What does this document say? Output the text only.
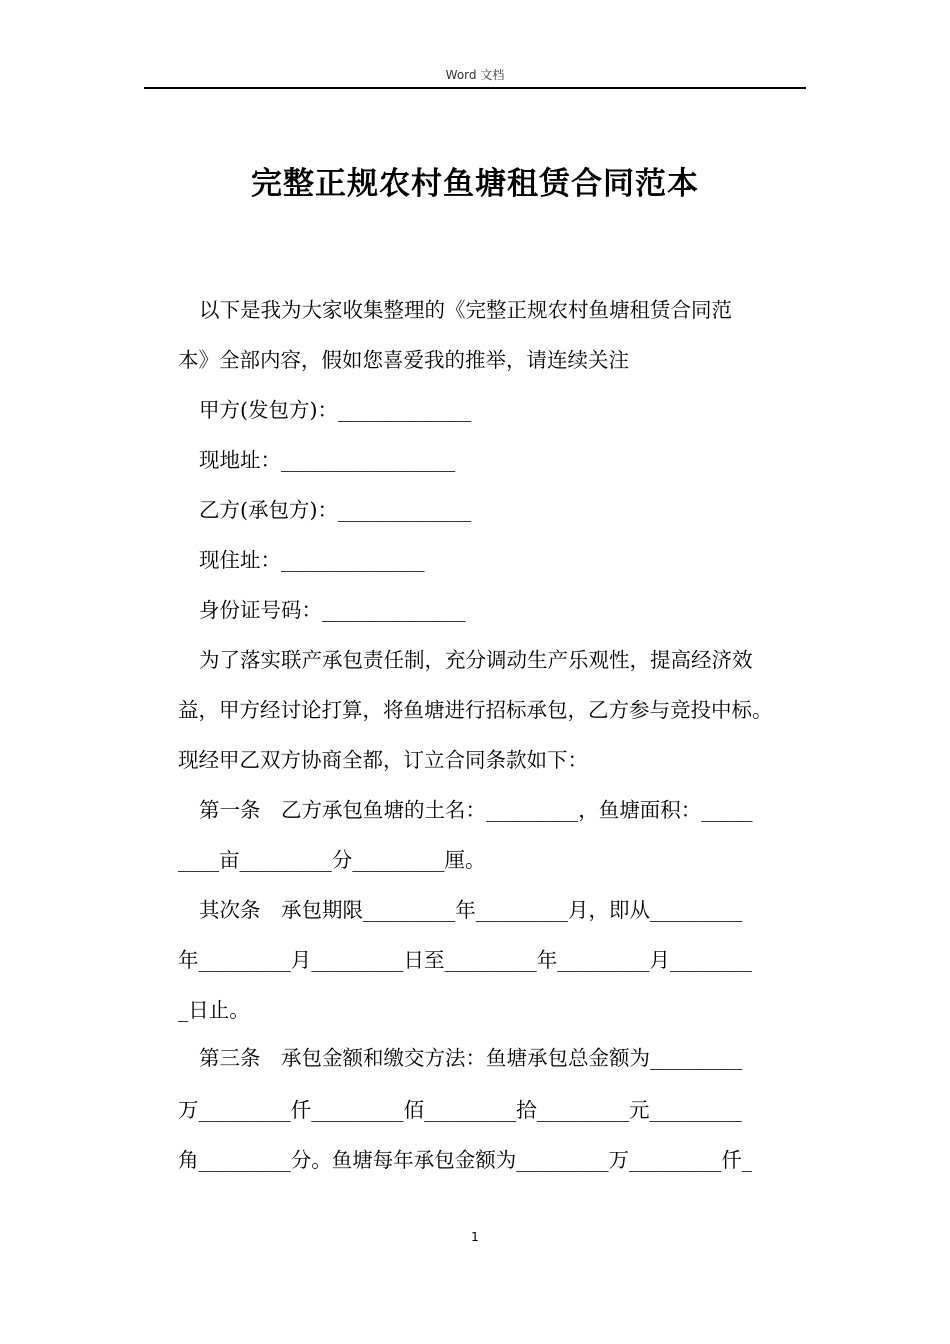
Word 文档
完整正规农村鱼塘租赁合同范本
以下是我为大家收集整理的《完整正规农村鱼塘租赁合同范
本》全部内容，假如您喜爱我的推举，请连续关注
甲方(发包方)：_____________
现地址：_________________
乙方(承包方)：_____________
现住址：______________
身份证号码：______________
为了落实联产承包责任制，充分调动生产乐观性，提高经济效
益，甲方经讨论打算，将鱼塘进行招标承包，乙方参与竞投中标。
现经甲乙双方协商全都，订立合同条款如下：
第一条　乙方承包鱼塘的土名：_________，鱼塘面积：_____
____亩_________分_________厘。
其次条　承包期限_________年_________月，即从_________
年_________月_________日至_________年_________月________
_日止。
第三条　承包金额和缴交方法：鱼塘承包总金额为_________
万_________仟_________佰_________拾_________元_________
角_________分。鱼塘每年承包金额为_________万_________仟_
1
